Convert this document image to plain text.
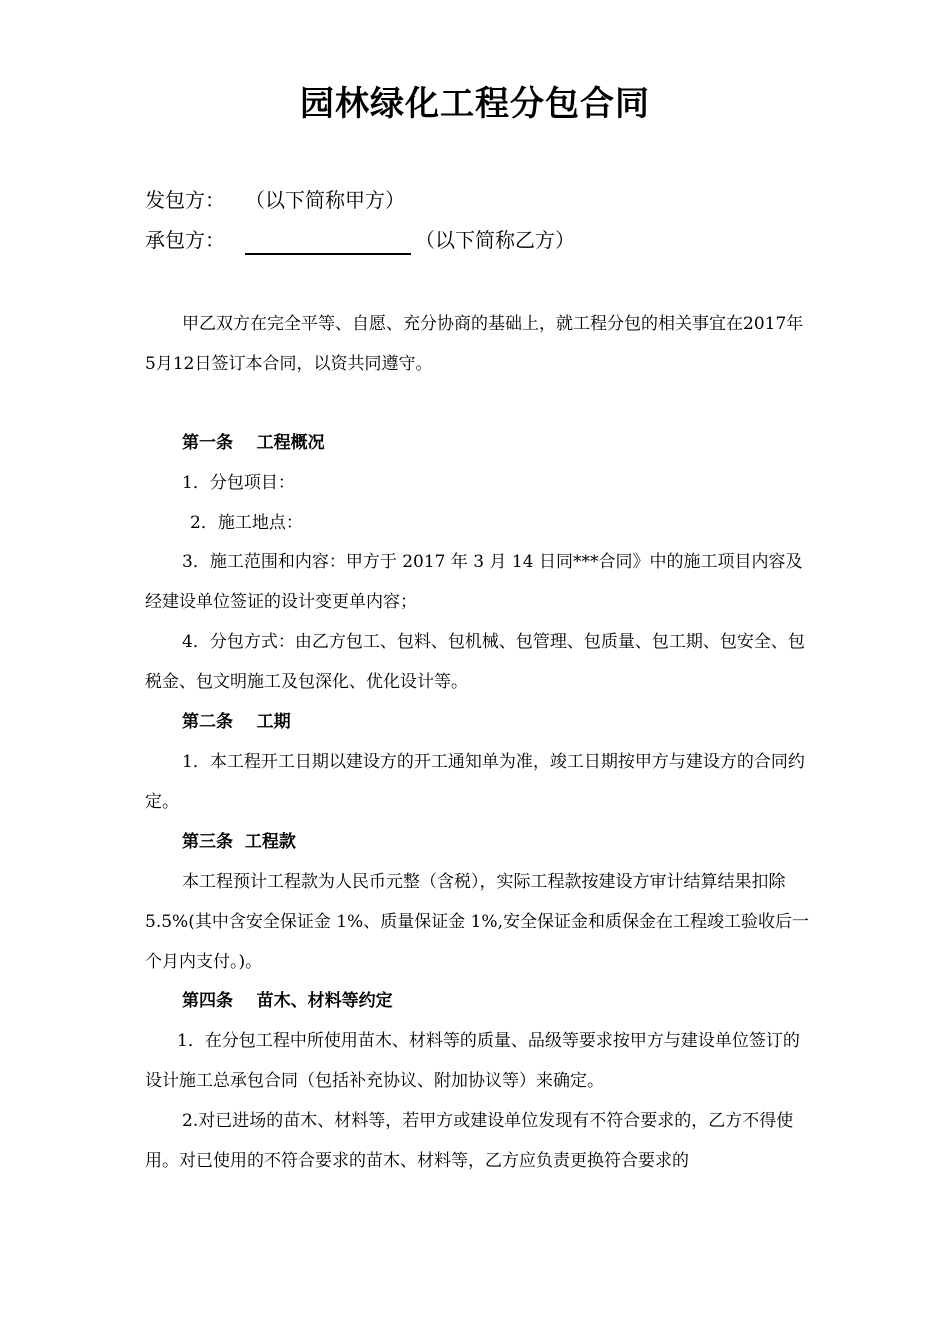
园林绿化工程分包合同
发包方： （以下简称甲方）
承包方：	（以下简称乙方）

甲乙双方在完全平等、自愿、充分协商的基础上，就工程分包的相关事宜在2017年5月12日签订本合同，以资共同遵守。

第一条    工程概况
1．分包项目：
2．施工地点：

3．施工范围和内容：甲方于 2017 年 3 月 14 日同***合同》中的施工项目内容及经建设单位签证的设计变更单内容；

4．分包方式：由乙方包工、包料、包机械、包管理、包质量、包工期、包安全、包税金、包文明施工及包深化、优化设计等。

第二条    工期

1．本工程开工日期以建设方的开工通知单为准，竣工日期按甲方与建设方的合同约定。

第三条  工程款

本工程预计工程款为人民币元整（含税），实际工程款按建设方审计结算结果扣除 5.5%(其中含安全保证金 1%、质量保证金 1%,安全保证金和质保金在工程竣工验收后一个月内支付。)。

第四条    苗木、材料等约定

1．在分包工程中所使用苗木、材料等的质量、品级等要求按甲方与建设单位签订的设计施工总承包合同（包括补充协议、附加协议等）来确定。

2.对已进场的苗木、材料等，若甲方或建设单位发现有不符合要求的，乙方不得使用。对已使用的不符合要求的苗木、材料等，乙方应负责更换符合要求的
